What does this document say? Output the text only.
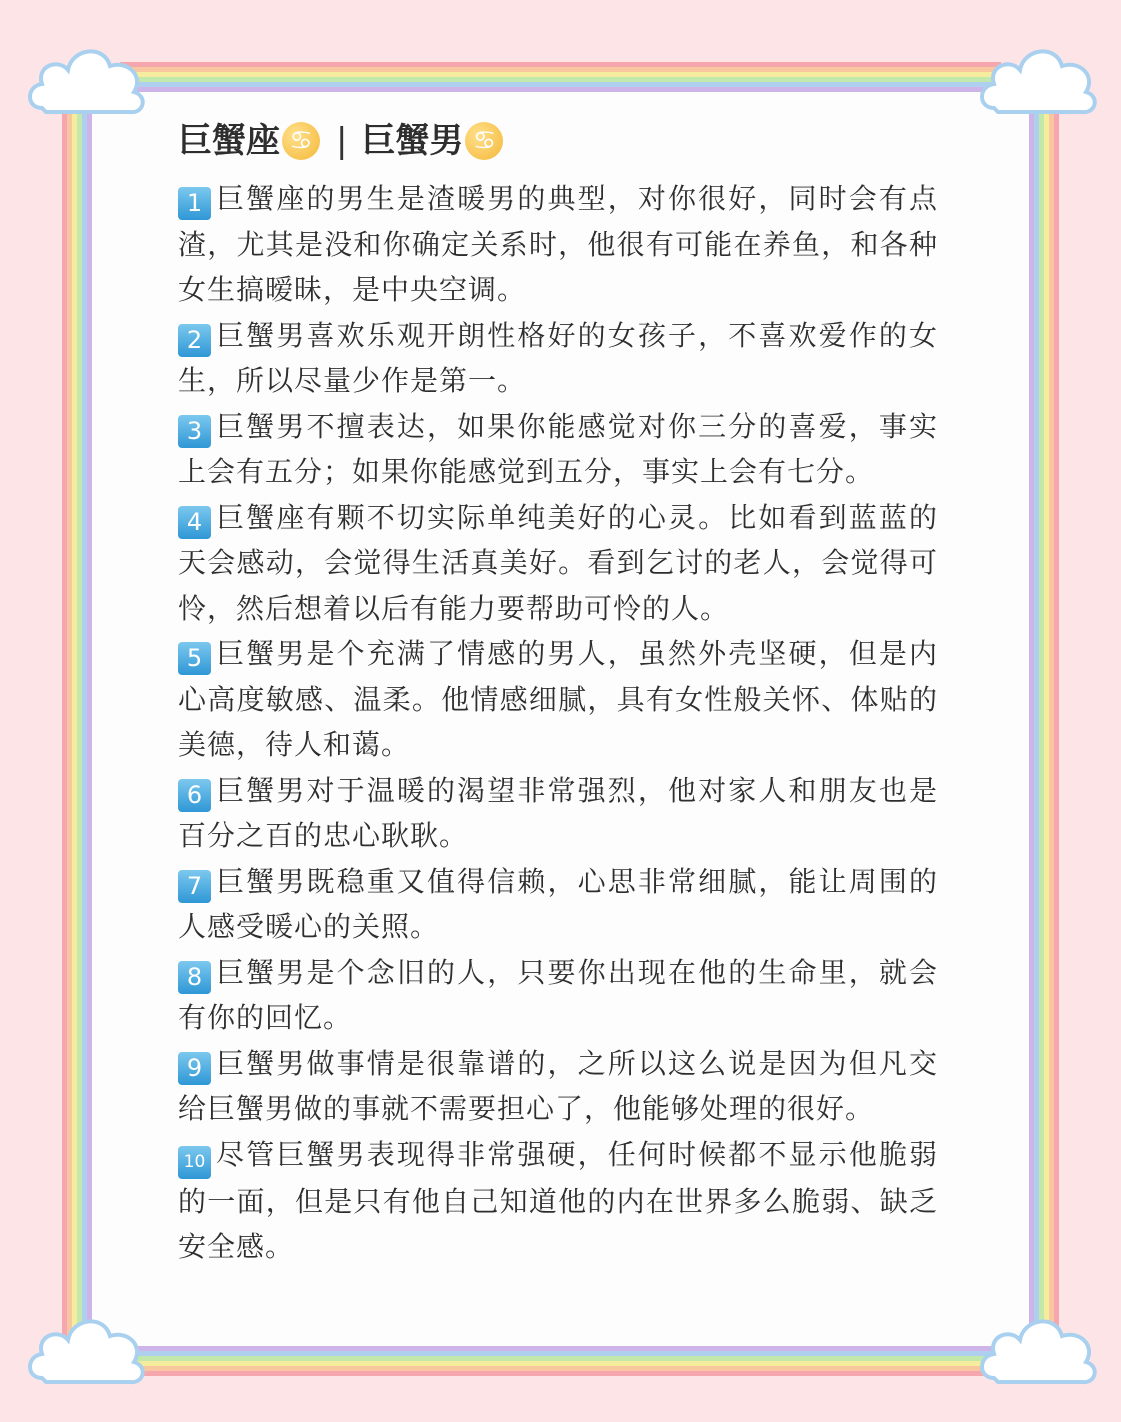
巨蟹座 ♋ | 巨蟹男 ♋

1 巨蟹座的男生是渣暖男的典型，对你很好，同时会有点渣，尤其是没和你确定关系时，他很有可能在养鱼，和各种女生搞暧昧，是中央空调。

2 巨蟹男喜欢乐观开朗性格好的女孩子，不喜欢爱作的女生，所以尽量少作是第一。

3 巨蟹男不擅表达，如果你能感觉对你三分的喜爱，事实上会有五分；如果你能感觉到五分，事实上会有七分。

4 巨蟹座有颗不切实际单纯美好的心灵。比如看到蓝蓝的天会感动，会觉得生活真美好。看到乞讨的老人，会觉得可怜，然后想着以后有能力要帮助可怜的人。

5 巨蟹男是个充满了情感的男人，虽然外壳坚硬，但是内心高度敏感、温柔。他情感细腻，具有女性般关怀、体贴的美德，待人和蔼。

6 巨蟹男对于温暖的渴望非常强烈，他对家人和朋友也是百分之百的忠心耿耿。

7 巨蟹男既稳重又值得信赖，心思非常细腻，能让周围的人感受暖心的关照。

8 巨蟹男是个念旧的人，只要你出现在他的生命里，就会有你的回忆。

9 巨蟹男做事情是很靠谱的，之所以这么说是因为但凡交给巨蟹男做的事就不需要担心了，他能够处理的很好。

10 尽管巨蟹男表现得非常强硬，任何时候都不显示他脆弱的一面，但是只有他自己知道他的内在世界多么脆弱、缺乏安全感。
